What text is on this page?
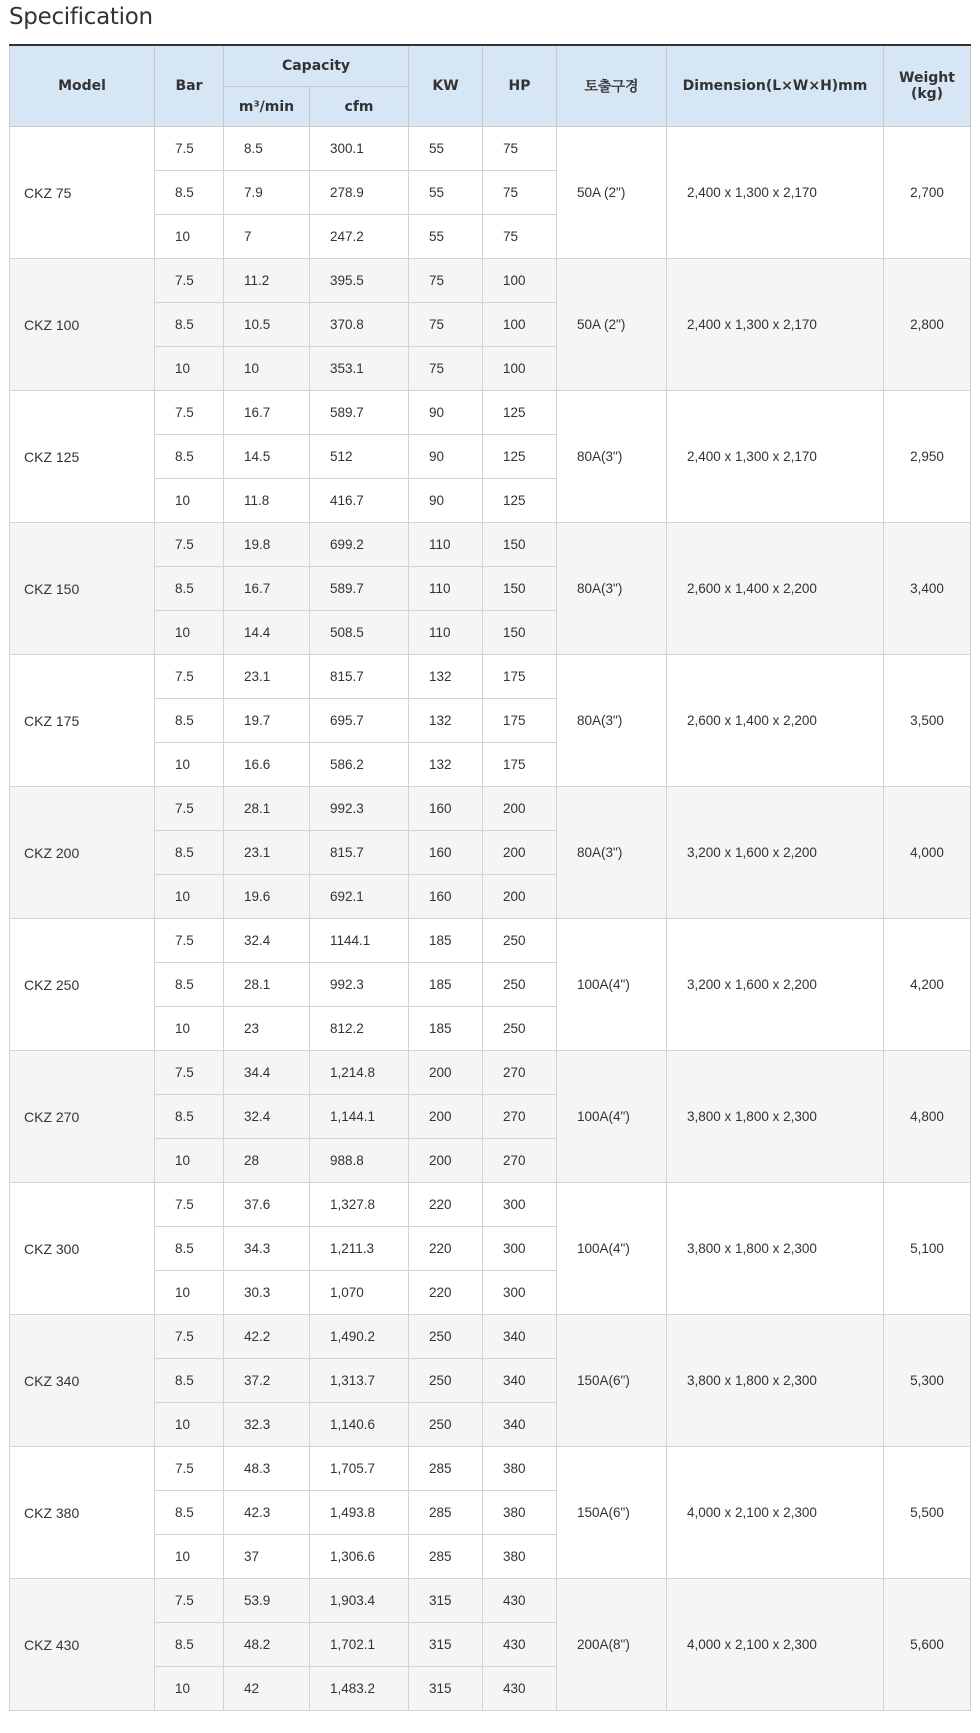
Specification
Model	Bar	Capacity		KW	HP	토출구경	Dimension(L×W×H)mm	Weight
(kg)
		m³/min	cfm					
CKZ 75	7.5	8.5	300.1	55	75	50A (2")	2,400 x 1,300 x 2,170	2,700
	8.5	7.9	278.9	55	75			
	10	7	247.2	55	75			
CKZ 100	7.5	11.2	395.5	75	100	50A (2")	2,400 x 1,300 x 2,170	2,800
	8.5	10.5	370.8	75	100			
	10	10	353.1	75	100			
CKZ 125	7.5	16.7	589.7	90	125	80A(3")	2,400 x 1,300 x 2,170	2,950
	8.5	14.5	512	90	125			
	10	11.8	416.7	90	125			
CKZ 150	7.5	19.8	699.2	110	150	80A(3")	2,600 x 1,400 x 2,200	3,400
	8.5	16.7	589.7	110	150			
	10	14.4	508.5	110	150			
CKZ 175	7.5	23.1	815.7	132	175	80A(3")	2,600 x 1,400 x 2,200	3,500
	8.5	19.7	695.7	132	175			
	10	16.6	586.2	132	175			
CKZ 200	7.5	28.1	992.3	160	200	80A(3")	3,200 x 1,600 x 2,200	4,000
	8.5	23.1	815.7	160	200			
	10	19.6	692.1	160	200			
CKZ 250	7.5	32.4	1144.1	185	250	100A(4")	3,200 x 1,600 x 2,200	4,200
	8.5	28.1	992.3	185	250			
	10	23	812.2	185	250			
CKZ 270	7.5	34.4	1,214.8	200	270	100A(4")	3,800 x 1,800 x 2,300	4,800
	8.5	32.4	1,144.1	200	270			
	10	28	988.8	200	270			
CKZ 300	7.5	37.6	1,327.8	220	300	100A(4")	3,800 x 1,800 x 2,300	5,100
	8.5	34.3	1,211.3	220	300			
	10	30.3	1,070	220	300			
CKZ 340	7.5	42.2	1,490.2	250	340	150A(6")	3,800 x 1,800 x 2,300	5,300
	8.5	37.2	1,313.7	250	340			
	10	32.3	1,140.6	250	340			
CKZ 380	7.5	48.3	1,705.7	285	380	150A(6")	4,000 x 2,100 x 2,300	5,500
	8.5	42.3	1,493.8	285	380			
	10	37	1,306.6	285	380			
CKZ 430	7.5	53.9	1,903.4	315	430	200A(8")	4,000 x 2,100 x 2,300	5,600
	8.5	48.2	1,702.1	315	430			
	10	42	1,483.2	315	430			
